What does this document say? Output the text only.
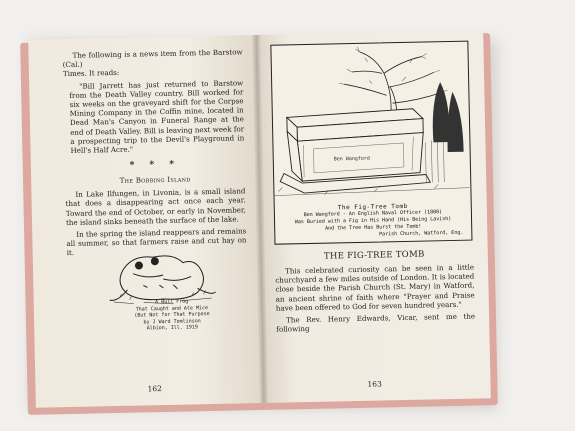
The following is a news item from the Barstow (Cal.)

Times. It reads:

"Bill Jarrett has just returned to Barstow from the Death Valley country. Bill worked for six weeks on the graveyard shift for the Corpse Mining Company in the Coffin mine, located in Dead Man's Canyon in Funeral Range at the end of Death Valley. Bill is leaving next week for a prospecting trip to the Devil's Playground in Hell's Half Acre."

* * *
The Bobbing Island

In Lake Ilfungen, in Livonia, is a small island that does a disappearing act once each year. Toward the end of October, or early in November, the island sinks beneath the surface of the lake.

In the spring the island reappears and remains all summer, so that farmers raise and cut hay on it.

A Bull Frog
That Caught and Ate Mice
(But Not for That Purpose
by J Ward Tomlinson
Albion, Ill. 1919
162
Ben Wangford
The Fig-Tree Tomb
Ben Wangford - An English Naval Officer (1800)
Was Buried with a Fig in His Hand (His Being Lavish)
And the Tree Has Burst the Tomb!
Parish Church, Watford, Eng.
THE FIG-TREE TOMB

This celebrated curiosity can be seen in a little churchyard a few miles outside of London. It is located close beside the Parish Church (St. Mary) in Watford, an ancient shrine of faith where "Prayer and Praise have been offered to God for seven hundred years."

The Rev. Henry Edwards, Vicar, sent me the following

163
